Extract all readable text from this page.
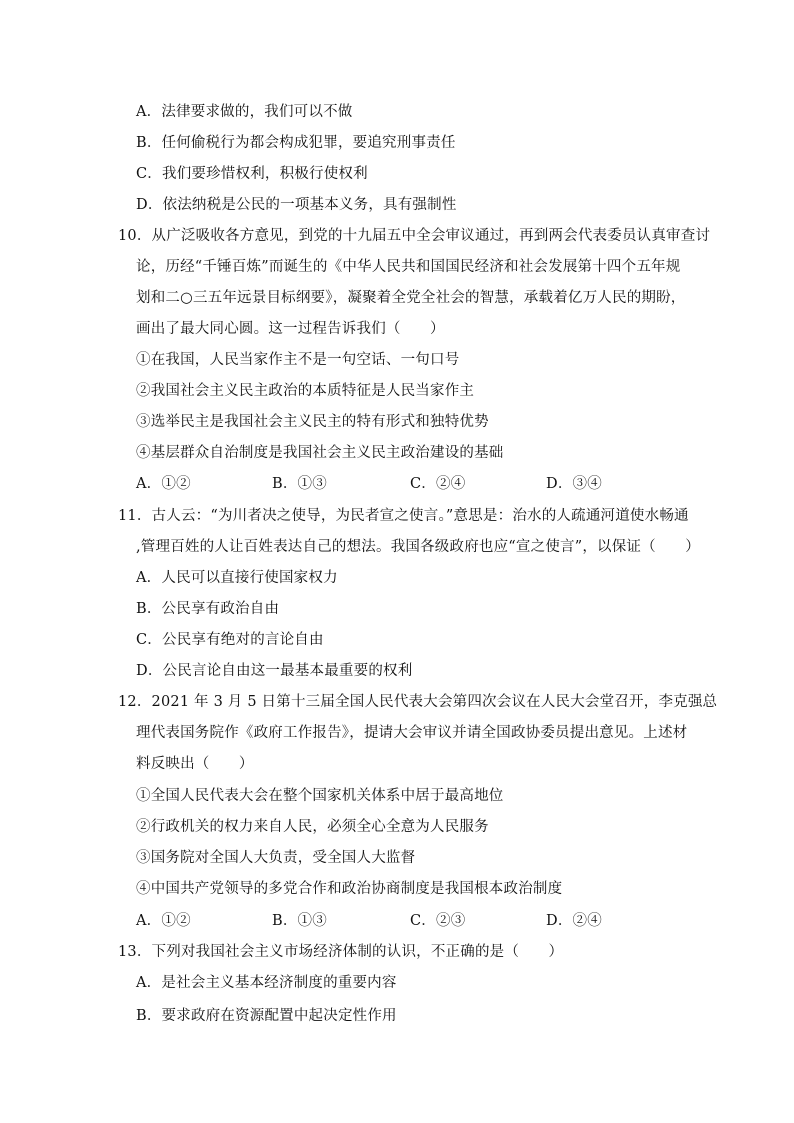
A．法律要求做的，我们可以不做
B．任何偷税行为都会构成犯罪，要追究刑事责任
C．我们要珍惜权利，积极行使权利
D．依法纳税是公民的一项基本义务，具有强制性
10．从广泛吸收各方意见，到党的十九届五中全会审议通过，再到两会代表委员认真审查讨
论，历经“千锤百炼”而诞生的《中华人民共和国国民经济和社会发展第十四个五年规
划和二○三五年远景目标纲要》，凝聚着全党全社会的智慧，承载着亿万人民的期盼，
画出了最大同心圆。这一过程告诉我们（　　）
①在我国，人民当家作主不是一句空话、一句口号
②我国社会主义民主政治的本质特征是人民当家作主
③选举民主是我国社会主义民主的特有形式和独特优势
④基层群众自治制度是我国社会主义民主政治建设的基础
A．①②	B．①③	C．②④	D．③④
11．古人云：“为川者决之使导，为民者宣之使言。”意思是：治水的人疏通河道使水畅通
,管理百姓的人让百姓表达自己的想法。我国各级政府也应“宣之使言”，以保证（　　）
A．人民可以直接行使国家权力
B．公民享有政治自由
C．公民享有绝对的言论自由
D．公民言论自由这一最基本最重要的权利
12．2021 年 3 月 5 日第十三届全国人民代表大会第四次会议在人民大会堂召开，李克强总
理代表国务院作《政府工作报告》，提请大会审议并请全国政协委员提出意见。上述材
料反映出（　　）
①全国人民代表大会在整个国家机关体系中居于最高地位
②行政机关的权力来自人民，必须全心全意为人民服务
③国务院对全国人大负责，受全国人大监督
④中国共产党领导的多党合作和政治协商制度是我国根本政治制度
A．①②	B．①③	C．②③	D．②④
13．下列对我国社会主义市场经济体制的认识，不正确的是（　　）
A．是社会主义基本经济制度的重要内容
B．要求政府在资源配置中起决定性作用
